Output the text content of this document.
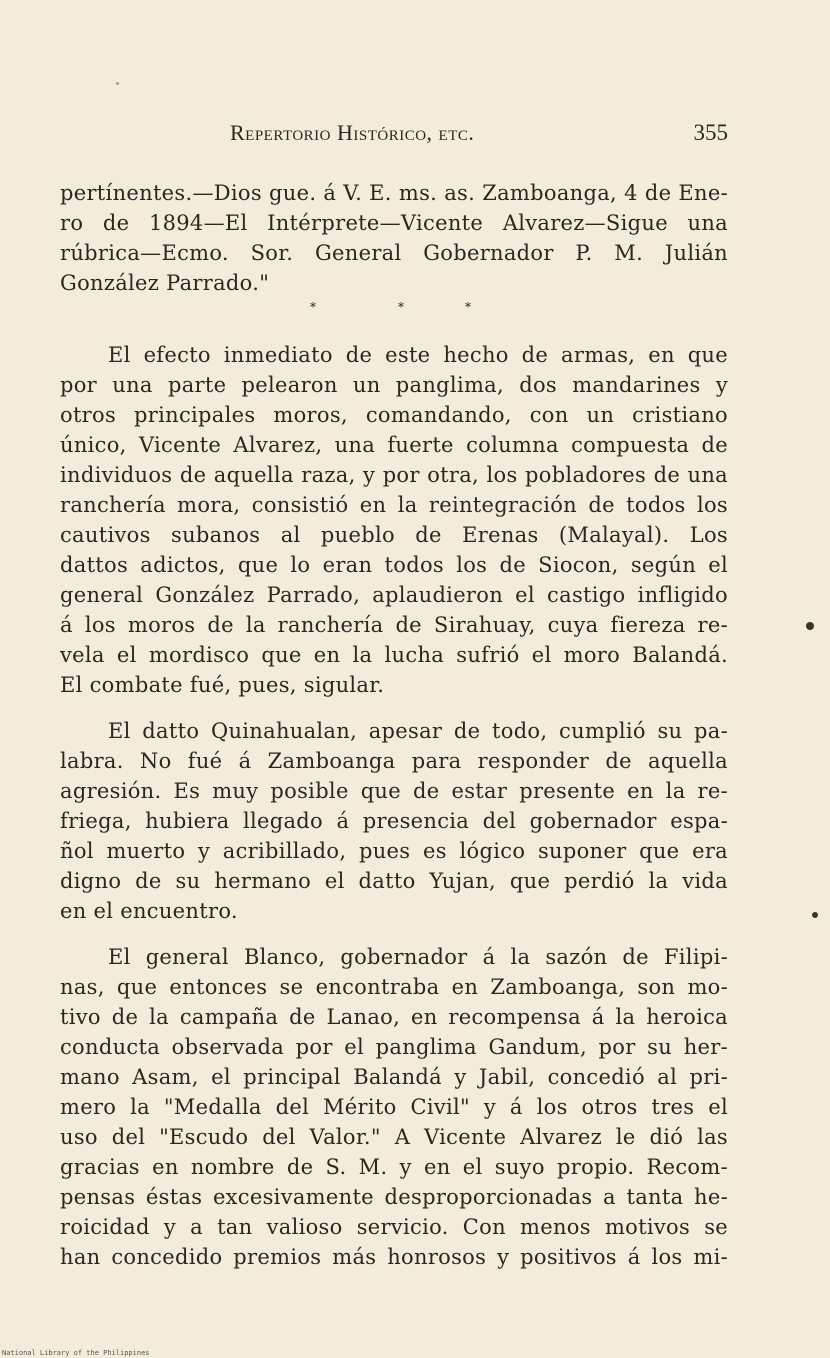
Repertorio Histórico, etc.	355
pertínentes.—Dios gue. á V. E. ms. as. Zamboanga, 4 de Ene-
ro de 1894—El Intérprete—Vicente Alvarez—Sigue una
rúbrica—Ecmo. Sor. General Gobernador P. M. Julián
González Parrado."
*	*	*
El efecto inmediato de este hecho de armas, en que
por una parte pelearon un panglima, dos mandarines y
otros principales moros, comandando, con un cristiano
único, Vicente Alvarez, una fuerte columna compuesta de
individuos de aquella raza, y por otra, los pobladores de una
ranchería mora, consistió en la reintegración de todos los
cautivos subanos al pueblo de Erenas (Malayal). Los
dattos adictos, que lo eran todos los de Siocon, según el
general González Parrado, aplaudieron el castigo infligido
á los moros de la ranchería de Sirahuay, cuya fiereza re-
vela el mordisco que en la lucha sufrió el moro Balandá.
El combate fué, pues, sigular.
El datto Quinahualan, apesar de todo, cumplió su pa-
labra. No fué á Zamboanga para responder de aquella
agresión. Es muy posible que de estar presente en la re-
friega, hubiera llegado á presencia del gobernador espa-
ñol muerto y acribillado, pues es lógico suponer que era
digno de su hermano el datto Yujan, que perdió la vida
en el encuentro.
El general Blanco, gobernador á la sazón de Filipi-
nas, que entonces se encontraba en Zamboanga, son mo-
tivo de la campaña de Lanao, en recompensa á la heroica
conducta observada por el panglima Gandum, por su her-
mano Asam, el principal Balandá y Jabil, concedió al pri-
mero la "Medalla del Mérito Civil" y á los otros tres el
uso del "Escudo del Valor." A Vicente Alvarez le dió las
gracias en nombre de S. M. y en el suyo propio. Recom-
pensas éstas excesivamente desproporcionadas a tanta he-
roicidad y a tan valioso servicio. Con menos motivos se
han concedido premios más honrosos y positivos á los mi-
National Library of the Philippines
